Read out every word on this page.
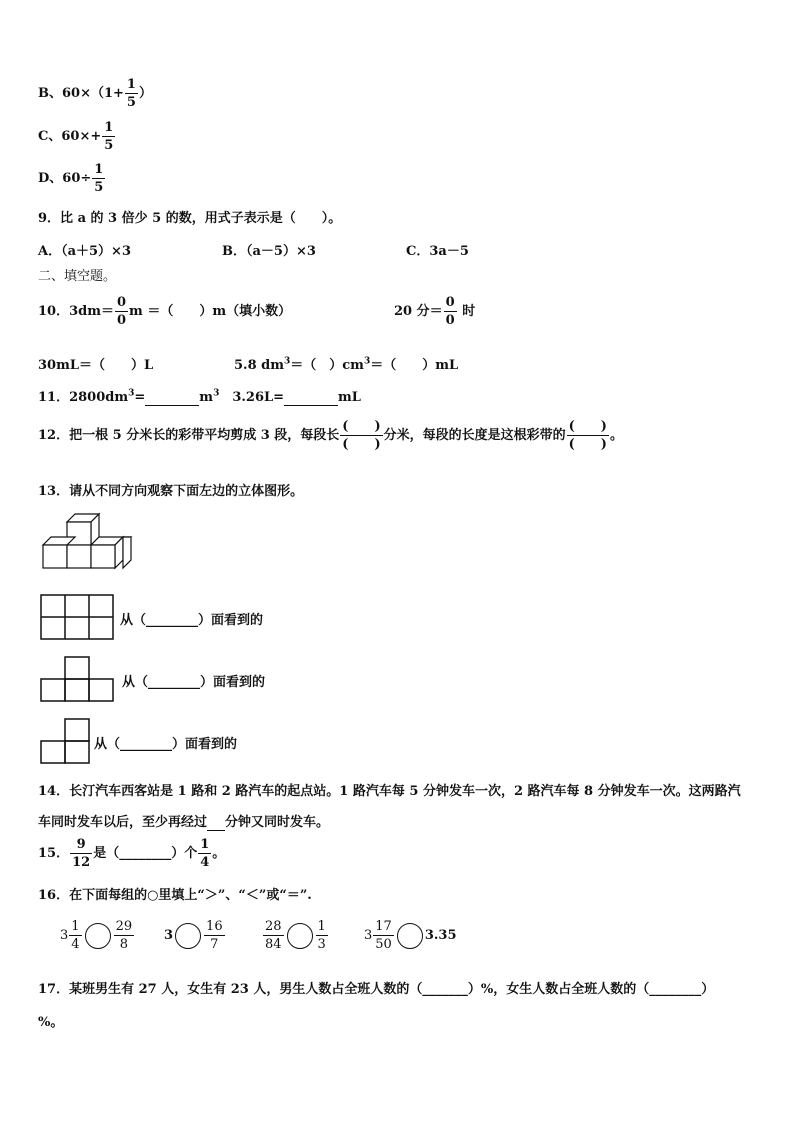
B、$60\times(1+ \frac{1}{5}$ ）
C、$60\times+ \frac{1}{5}$
D、$60\div \frac{1}{5}$
9．比 a 的 3 倍少 5 的数，用式子表示是（　　）。
A．（a＋5）×3	B．（a－5）×3	C．3a－5
二、填空题。
10．$3dm= \frac{0}{0}$ m ＝（　　）m（填小数）	20 分＝ $\frac{0}{0}$ 时
30mL＝（　　）L	5.8 $dm^3=$（　）$cm^3=$（　　）mL
11．$2800dm^3=$	$m^3$　3.26L=	mL
12．把一根 5 分米长的彩带平均剪成 3 段，每段长 $\frac{( )}{( )}$ 分米，每段的长度是这根彩带的 $\frac{( )}{( )}$ 。
13．请从不同方向观察下面左边的立体图形。
从（________）面看到的
从（________）面看到的
从（________）面看到的
14．长汀汽车西客站是 1 路和 2 路汽车的起点站。1 路汽车每 5 分钟发车一次，2 路汽车每 8 分钟发车一次。这两路汽
车同时发车以后，至少再经过 分钟又同时发车。
15． $\frac{9}{12}$ 是（________）个 $\frac{1}{4}$ 。
16．在下面每组的○里填上“＞”、“＜”或“＝”.
$3 \frac{1}{4} \frac{29}{8} 3 \frac{16}{7}$	$\frac{28}{84} \frac{1}{3}$	$3 \frac{17}{50} 3.35$
17．某班男生有 27 人，女生有 23 人，男生人数占全班人数的（_______）%，女生人数占全班人数的（________）
%。
